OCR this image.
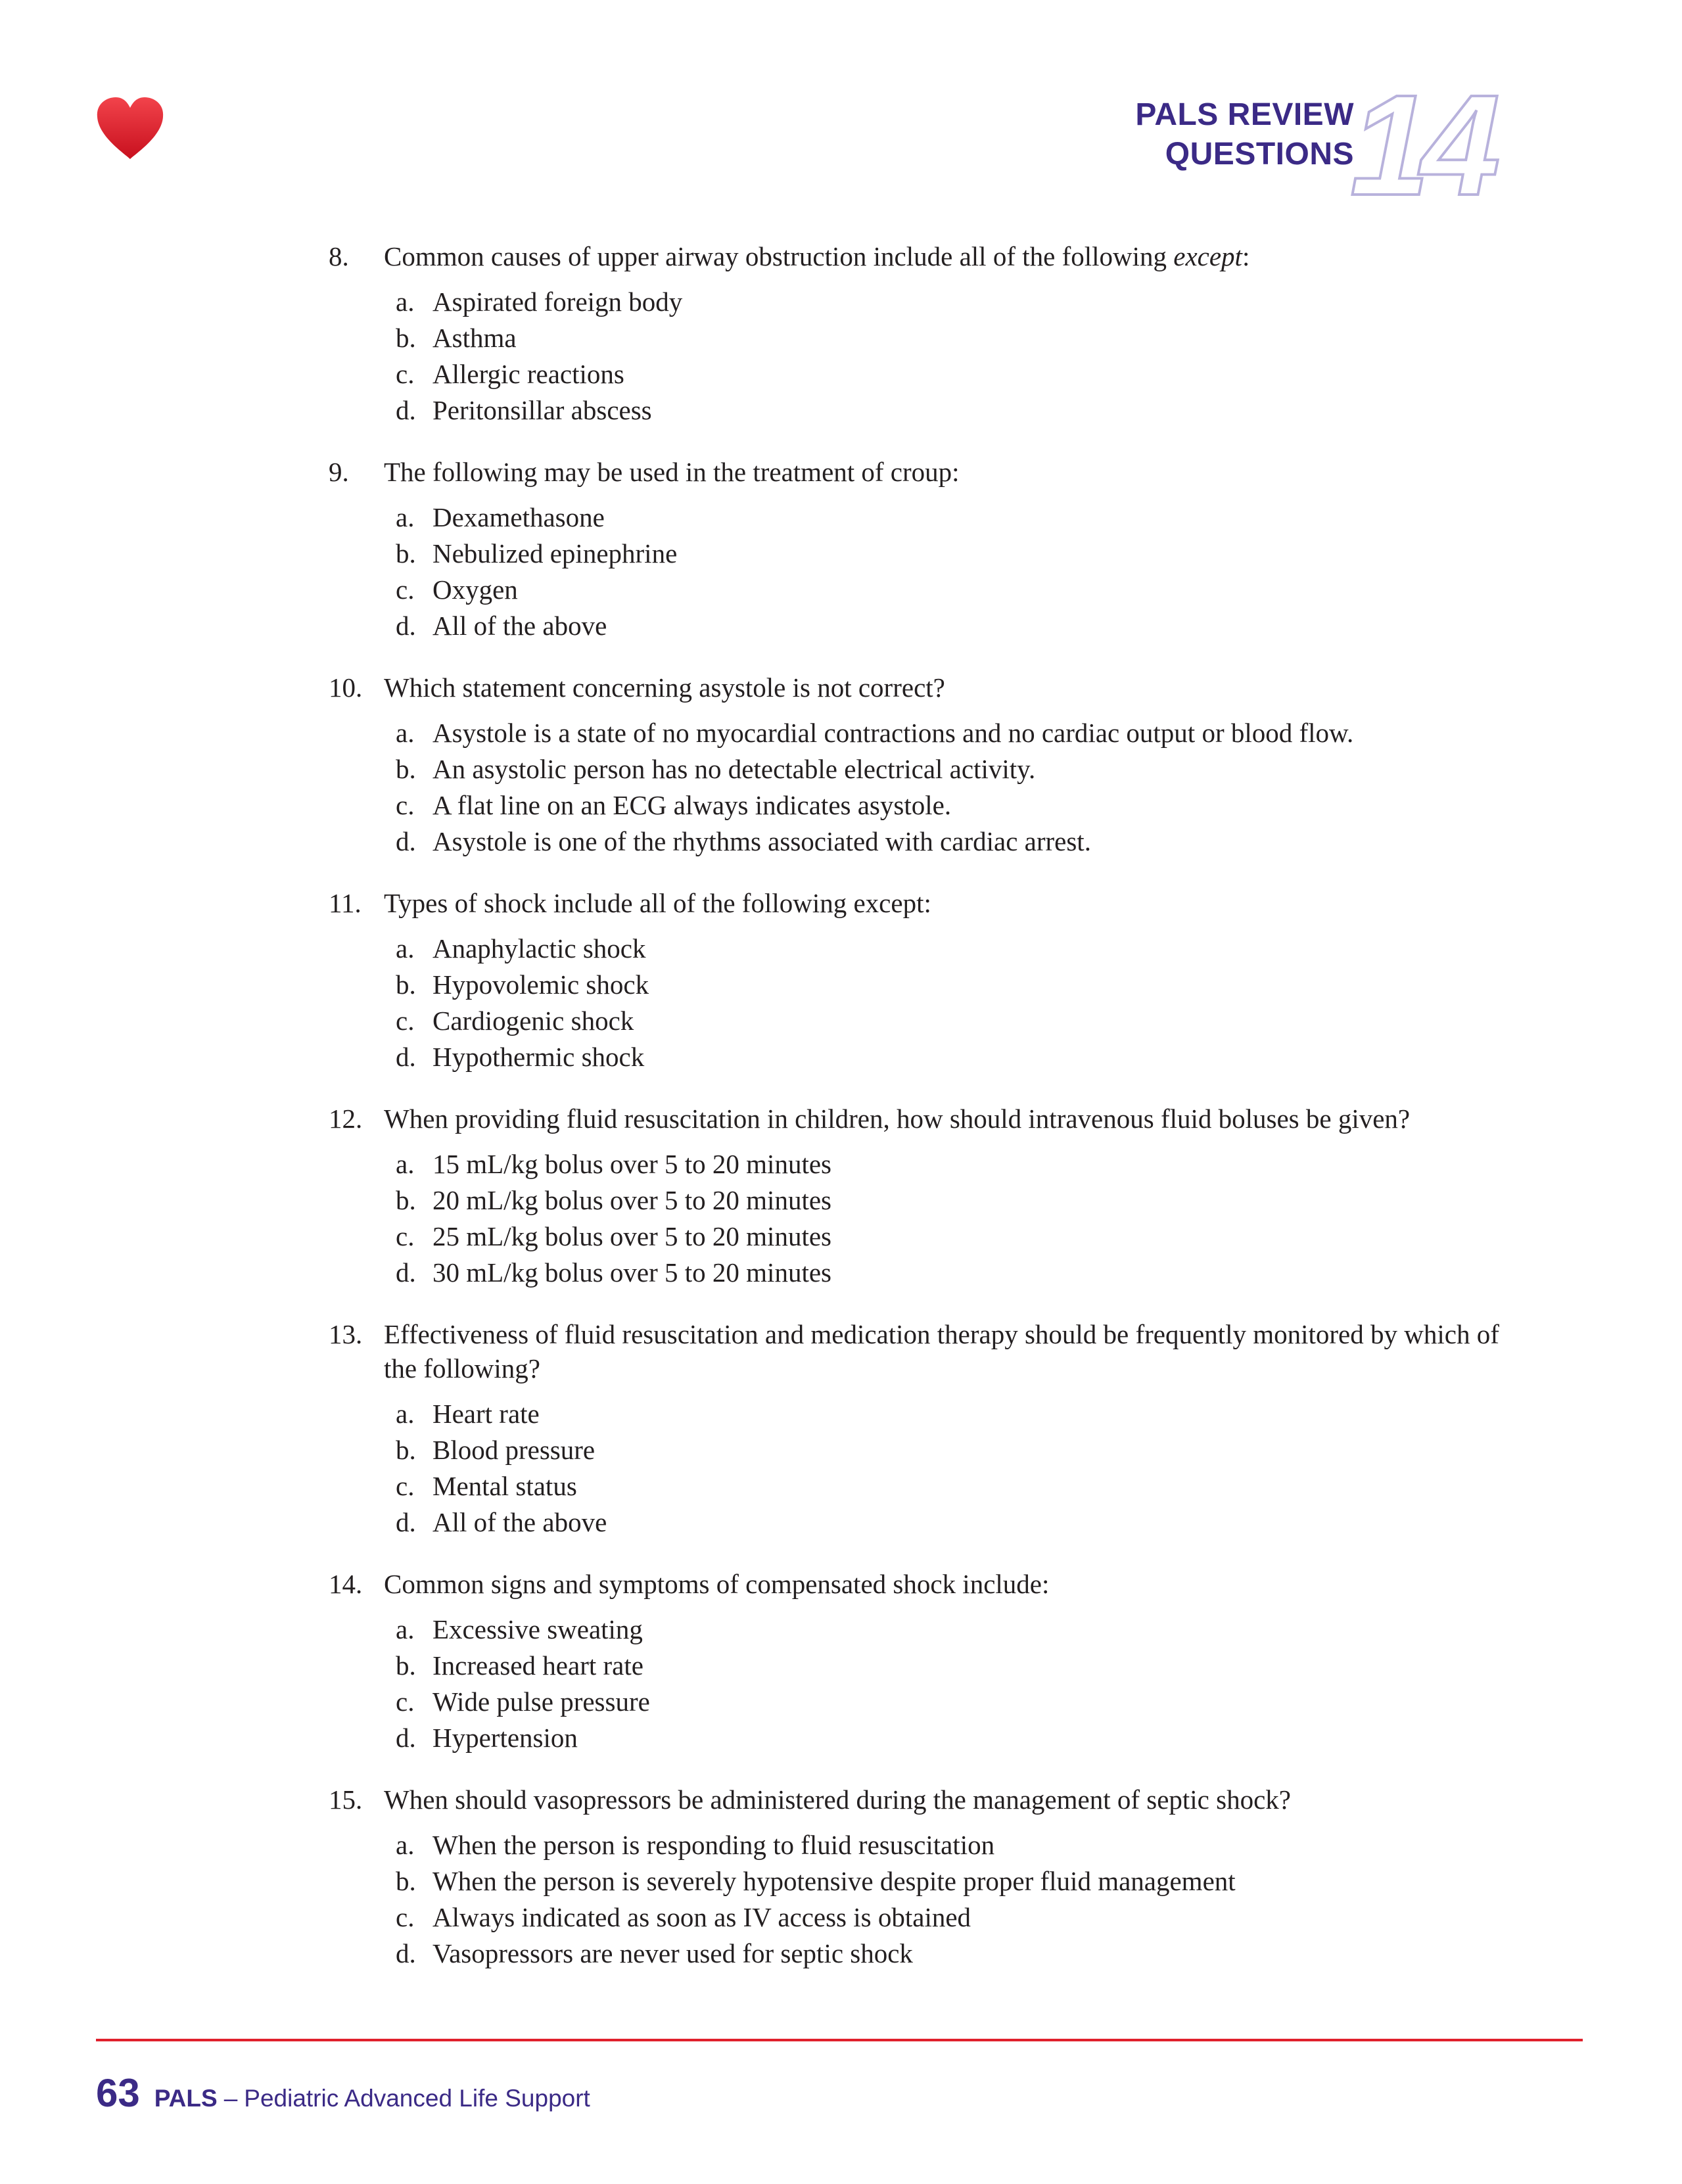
PALS REVIEW
QUESTIONS
14
8.	Common causes of upper airway obstruction include all of the following except:
a. Aspirated foreign body
b. Asthma
c. Allergic reactions
d. Peritonsillar abscess
9.	The following may be used in the treatment of croup:
a. Dexamethasone
b. Nebulized epinephrine
c. Oxygen
d. All of the above
10. Which statement concerning asystole is not correct?
a. Asystole is a state of no myocardial contractions and no cardiac output or blood flow.
b. An asystolic person has no detectable electrical activity.
c. A flat line on an ECG always indicates asystole.
d. Asystole is one of the rhythms associated with cardiac arrest.
11. Types of shock include all of the following except:
a. Anaphylactic shock
b. Hypovolemic shock
c. Cardiogenic shock
d. Hypothermic shock
12. When providing fluid resuscitation in children, how should intravenous fluid boluses be given?
a. 15 mL/kg bolus over 5 to 20 minutes
b. 20 mL/kg bolus over 5 to 20 minutes
c. 25 mL/kg bolus over 5 to 20 minutes
d. 30 mL/kg bolus over 5 to 20 minutes
13. Effectiveness of fluid resuscitation and medication therapy should be frequently monitored by which of the following?
a. Heart rate
b. Blood pressure
c. Mental status
d. All of the above
14. Common signs and symptoms of compensated shock include:
a. Excessive sweating
b. Increased heart rate
c. Wide pulse pressure
d. Hypertension
15. When should vasopressors be administered during the management of septic shock?
a. When the person is responding to fluid resuscitation
b. When the person is severely hypotensive despite proper fluid management
c. Always indicated as soon as IV access is obtained
d. Vasopressors are never used for septic shock
63 PALS – Pediatric Advanced Life Support
